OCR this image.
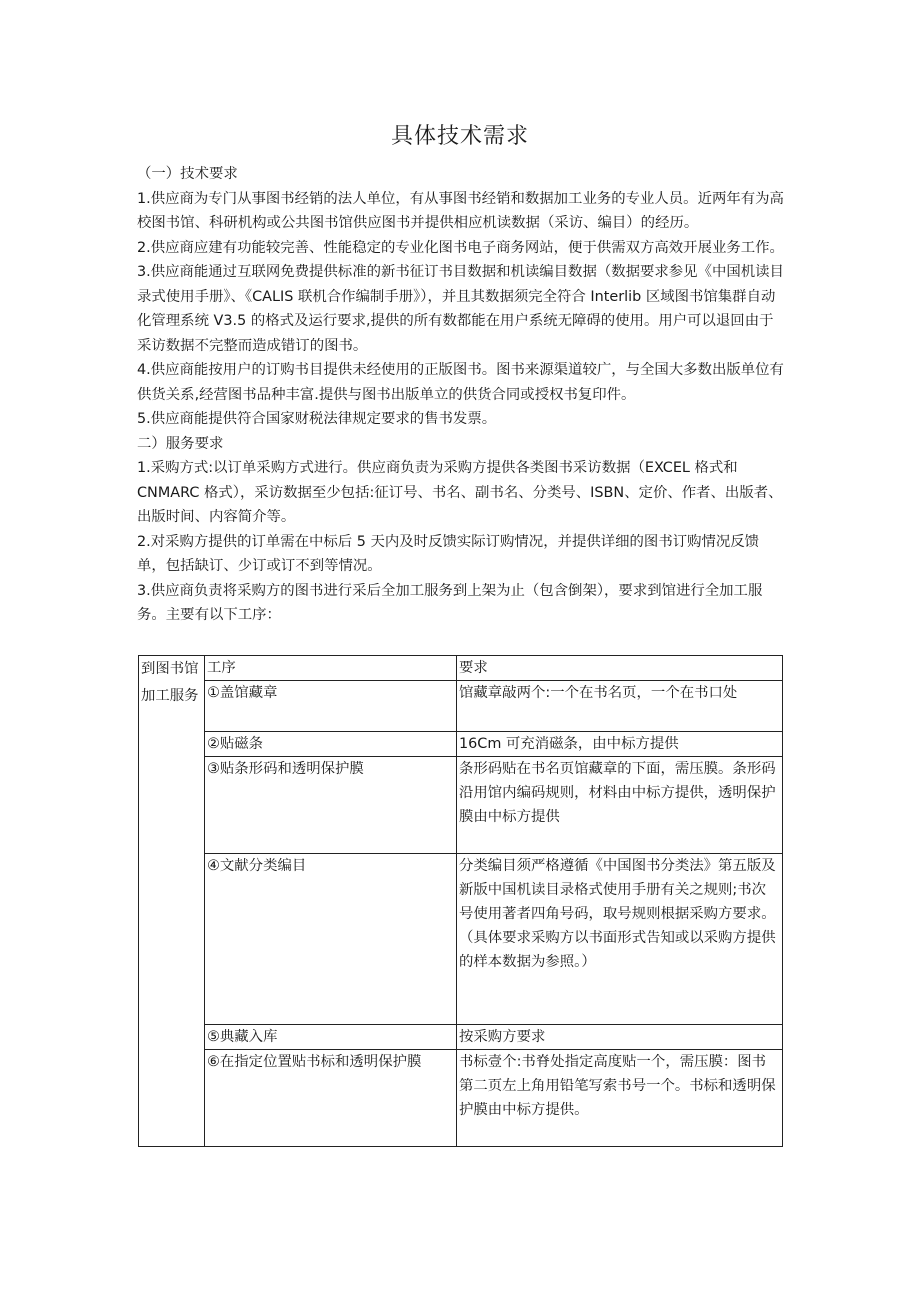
具体技术需求

（一）技术要求

1.供应商为专门从事图书经销的法人单位，有从事图书经销和数据加工业务的专业人员。近两年有为高校图书馆、科研机构或公共图书馆供应图书并提供相应机读数据（采访、编目）的经历。

2.供应商应建有功能较完善、性能稳定的专业化图书电子商务网站，便于供需双方高效开展业务工作。

3.供应商能通过互联网免费提供标准的新书征订书目数据和机读编目数据（数据要求参见《中国机读目录式使用手册》、《CALIS 联机合作编制手册》），并且其数据须完全符合 Interlib 区域图书馆集群自动化管理系统 V3.5 的格式及运行要求,提供的所有数都能在用户系统无障碍的使用。用户可以退回由于采访数据不完整而造成错订的图书。

4.供应商能按用户的订购书目提供未经使用的正版图书。图书来源渠道较广，与全国大多数出版单位有供货关系,经营图书品种丰富.提供与图书出版单立的供货合同或授权书复印件。

5.供应商能提供符合国家财税法律规定要求的售书发票。

二）服务要求

1.采购方式:以订单采购方式进行。供应商负责为采购方提供各类图书采访数据（EXCEL 格式和 CNMARC 格式），采访数据至少包括:征订号、书名、副书名、分类号、ISBN、定价、作者、出版者、出版时间、内容简介等。

2.对采购方提供的订单需在中标后 5 天内及时反馈实际订购情况，并提供详细的图书订购情况反馈单，包括缺订、少订或订不到等情况。

3.供应商负责将采购方的图书进行采后全加工服务到上架为止（包含倒架），要求到馆进行全加工服务。主要有以下工序：

到图书馆加工服务	工序	要求
	①盖馆藏章	馆藏章敲两个:一个在书名页，一个在书口处
	②贴磁条	16Cm 可充消磁条，由中标方提供
	③贴条形码和透明保护膜	条形码贴在书名页馆藏章的下面，需压膜。条形码沿用馆内编码规则，材料由中标方提供，透明保护膜由中标方提供
	④文献分类编目	分类编目须严格遵循《中国图书分类法》第五版及新版中国机读目录格式使用手册有关之规则;书次号使用著者四角号码，取号规则根据采购方要求。（具体要求采购方以书面形式告知或以采购方提供的样本数据为参照。）
	⑤典藏入库	按采购方要求
	⑥在指定位置贴书标和透明保护膜	书标壹个:书脊处指定高度贴一个，需压膜：图书第二页左上角用铅笔写索书号一个。书标和透明保护膜由中标方提供。
